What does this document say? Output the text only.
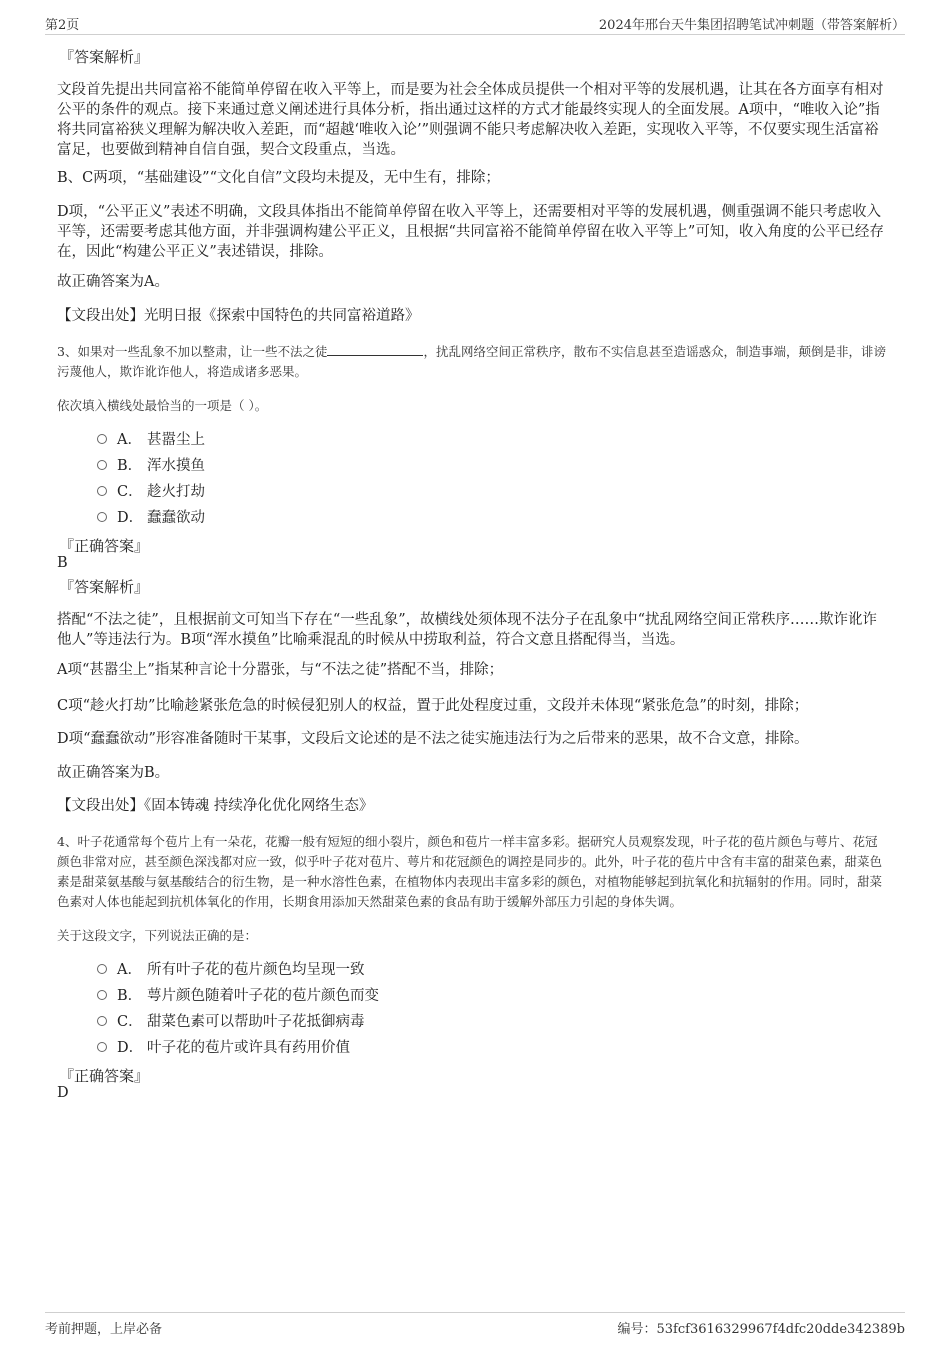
第2页	2024年邢台天牛集团招聘笔试冲刺题（带答案解析）
『答案解析』

文段首先提出共同富裕不能简单停留在收入平等上，而是要为社会全体成员提供一个相对平等的发展机遇，让其在各方面享有相对公平的条件的观点。接下来通过意义阐述进行具体分析，指出通过这样的方式才能最终实现人的全面发展。A项中，“唯收入论”指将共同富裕狭义理解为解决收入差距，而“超越‘唯收入论’”则强调不能只考虑解决收入差距，实现收入平等，不仅要实现生活富裕富足，也要做到精神自信自强，契合文段重点，当选。

B、C两项，“基础建设”“文化自信”文段均未提及，无中生有，排除；

D项，“公平正义”表述不明确，文段具体指出不能简单停留在收入平等上，还需要相对平等的发展机遇，侧重强调不能只考虑收入平等，还需要考虑其他方面，并非强调构建公平正义，且根据“共同富裕不能简单停留在收入平等上”可知，收入角度的公平已经存在，因此“构建公平正义”表述错误，排除。

故正确答案为A。

【文段出处】光明日报《探索中国特色的共同富裕道路》

3、如果对一些乱象不加以整肃，让一些不法之徒	，扰乱网络空间正常秩序，散布不实信息甚至造谣惑众，制造事端，颠倒是非，诽谤污蔑他人，欺诈讹诈他人，将造成诸多恶果。
依次填入横线处最恰当的一项是（ ）。
A． 甚嚣尘上
B． 浑水摸鱼
C． 趁火打劫
D． 蠢蠢欲动
『正确答案』
B
『答案解析』

搭配“不法之徒”，且根据前文可知当下存在“一些乱象”，故横线处须体现不法分子在乱象中“扰乱网络空间正常秩序……欺诈讹诈他人”等违法行为。B项“浑水摸鱼”比喻乘混乱的时候从中捞取利益，符合文意且搭配得当，当选。

A项“甚嚣尘上”指某种言论十分嚣张，与“不法之徒”搭配不当，排除；

C项“趁火打劫”比喻趁紧张危急的时候侵犯别人的权益，置于此处程度过重，文段并未体现“紧张危急”的时刻，排除；

D项“蠢蠢欲动”形容准备随时干某事，文段后文论述的是不法之徒实施违法行为之后带来的恶果，故不合文意，排除。

故正确答案为B。

【文段出处】《固本铸魂 持续净化优化网络生态》

4、叶子花通常每个苞片上有一朵花，花瓣一般有短短的细小裂片，颜色和苞片一样丰富多彩。据研究人员观察发现，叶子花的苞片颜色与萼片、花冠颜色非常对应，甚至颜色深浅都对应一致，似乎叶子花对苞片、萼片和花冠颜色的调控是同步的。此外，叶子花的苞片中含有丰富的甜菜色素，甜菜色素是甜菜氨基酸与氨基酸结合的衍生物，是一种水溶性色素，在植物体内表现出丰富多彩的颜色，对植物能够起到抗氧化和抗辐射的作用。同时，甜菜色素对人体也能起到抗机体氧化的作用，长期食用添加天然甜菜色素的食品有助于缓解外部压力引起的身体失调。
关于这段文字，下列说法正确的是：
A． 所有叶子花的苞片颜色均呈现一致
B． 萼片颜色随着叶子花的苞片颜色而变
C． 甜菜色素可以帮助叶子花抵御病毒
D． 叶子花的苞片或许具有药用价值
『正确答案』
D
考前押题，上岸必备	编号：53fcf3616329967f4dfc20dde342389b
